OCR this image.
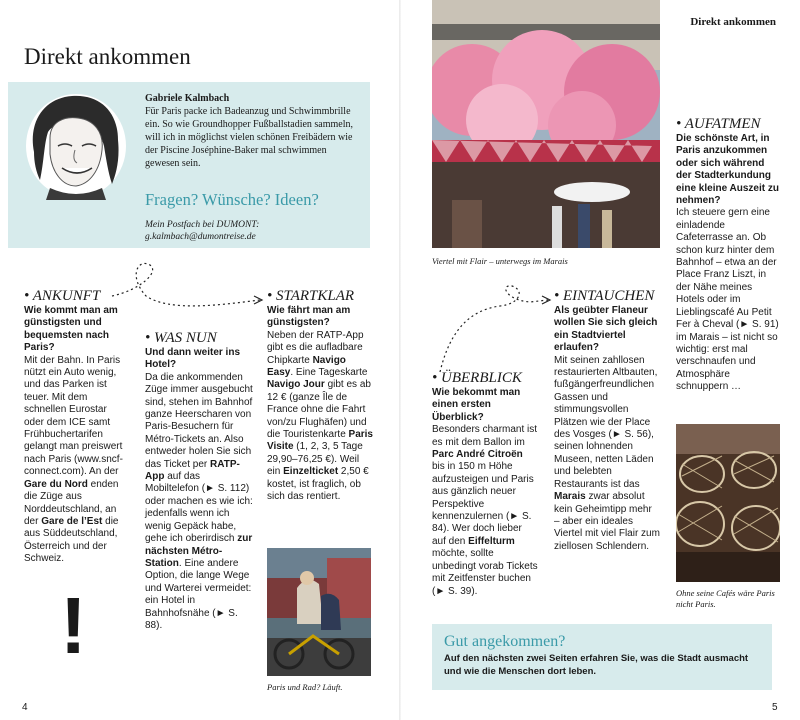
Direkt ankommen
Direkt ankommen
Gabriele Kalmbach
Für Paris packe ich Badeanzug und Schwimmbrille ein. So wie Groundhopper Fußballstadien sammeln, will ich in möglichst vielen schönen Freibädern wie der Piscine Joséphine-Baker mal schwimmen gewesen sein.
Fragen? Wünsche? Ideen?
Mein Postfach bei DUMONT:
g.kalmbach@dumontreise.de
• ANKUNFT
Wie kommt man am günstigsten und bequemsten nach Paris?

Mit der Bahn. In Paris nützt ein Auto wenig, und das Parken ist teuer. Mit dem schnellen Eurostar oder dem ICE samt Frühbuchertarifen gelangt man preiswert nach Paris (www.sncf-connect.com). An der Gare du Nord enden die Züge aus Norddeutschland, an der Gare de l’Est die aus Süddeutschland, Österreich und der Schweiz.

!
• WAS NUN
Und dann weiter ins Hotel?

Da die ankommenden Züge immer ausgebucht sind, stehen im Bahnhof ganze Heerscharen von Paris-Besuchern für Métro-Tickets an. Also entweder holen Sie sich das Ticket per RATP-App auf das Mobiltelefon (► S. 112) oder machen es wie ich: jedenfalls wenn ich wenig Gepäck habe, gehe ich oberirdisch zur nächsten Métro-Station. Eine andere Option, die lange Wege und Warterei vermeidet: ein Hotel in Bahnhofsnähe (► S. 88).

• STARTKLAR
Wie fährt man am günstigsten?

Neben der RATP-App gibt es die aufladbare Chipkarte Navigo Easy. Eine Tageskarte Navigo Jour gibt es ab 12 € (ganze Île de France ohne die Fahrt von/zu Flughäfen) und die Touristenkarte Paris Visite (1, 2, 3, 5 Tage 29,90–76,25 €). Weil ein Einzelticket 2,50 € kostet, ist fraglich, ob sich das rentiert.

Paris und Rad? Läuft.
4
Viertel mit Flair – unterwegs im Marais
• AUFATMEN
Die schönste Art, in Paris anzukommen oder sich während der Stadterkundung eine kleine Auszeit zu nehmen?

Ich steuere gern eine einladende Cafeterrasse an. Ob schon kurz hinter dem Bahnhof – etwa an der Place Franz Liszt, in der Nähe meines Hotels oder im Lieblingscafé Au Petit Fer à Cheval (► S. 91) im Marais – ist nicht so wichtig: erst mal verschnaufen und Atmosphäre schnuppern …

Ohne seine Cafés wäre Paris nicht Paris.
• ÜBERBLICK
Wie bekommt man einen ersten Überblick?

Besonders charmant ist es mit dem Ballon im Parc André Citroën bis in 150 m Höhe aufzusteigen und Paris aus gänzlich neuer Perspektive kennenzulernen (► S. 84). Wer doch lieber auf den Eiffelturm möchte, sollte unbedingt vorab Tickets mit Zeitfenster buchen (► S. 39).

• EINTAUCHEN
Als geübter Flaneur wollen Sie sich gleich ein Stadtviertel erlaufen?

Mit seinen zahllosen restaurierten Altbauten, fußgängerfreundlichen Gassen und stimmungsvollen Plätzen wie der Place des Vosges (► S. 56), seinen lohnenden Museen, netten Läden und belebten Restaurants ist das Marais zwar absolut kein Geheimtipp mehr – aber ein ideales Viertel mit viel Flair zum ziellosen Schlendern.

Gut angekommen?
Auf den nächsten zwei Seiten erfahren Sie, was die Stadt ausmacht und wie die Menschen dort leben.
5
